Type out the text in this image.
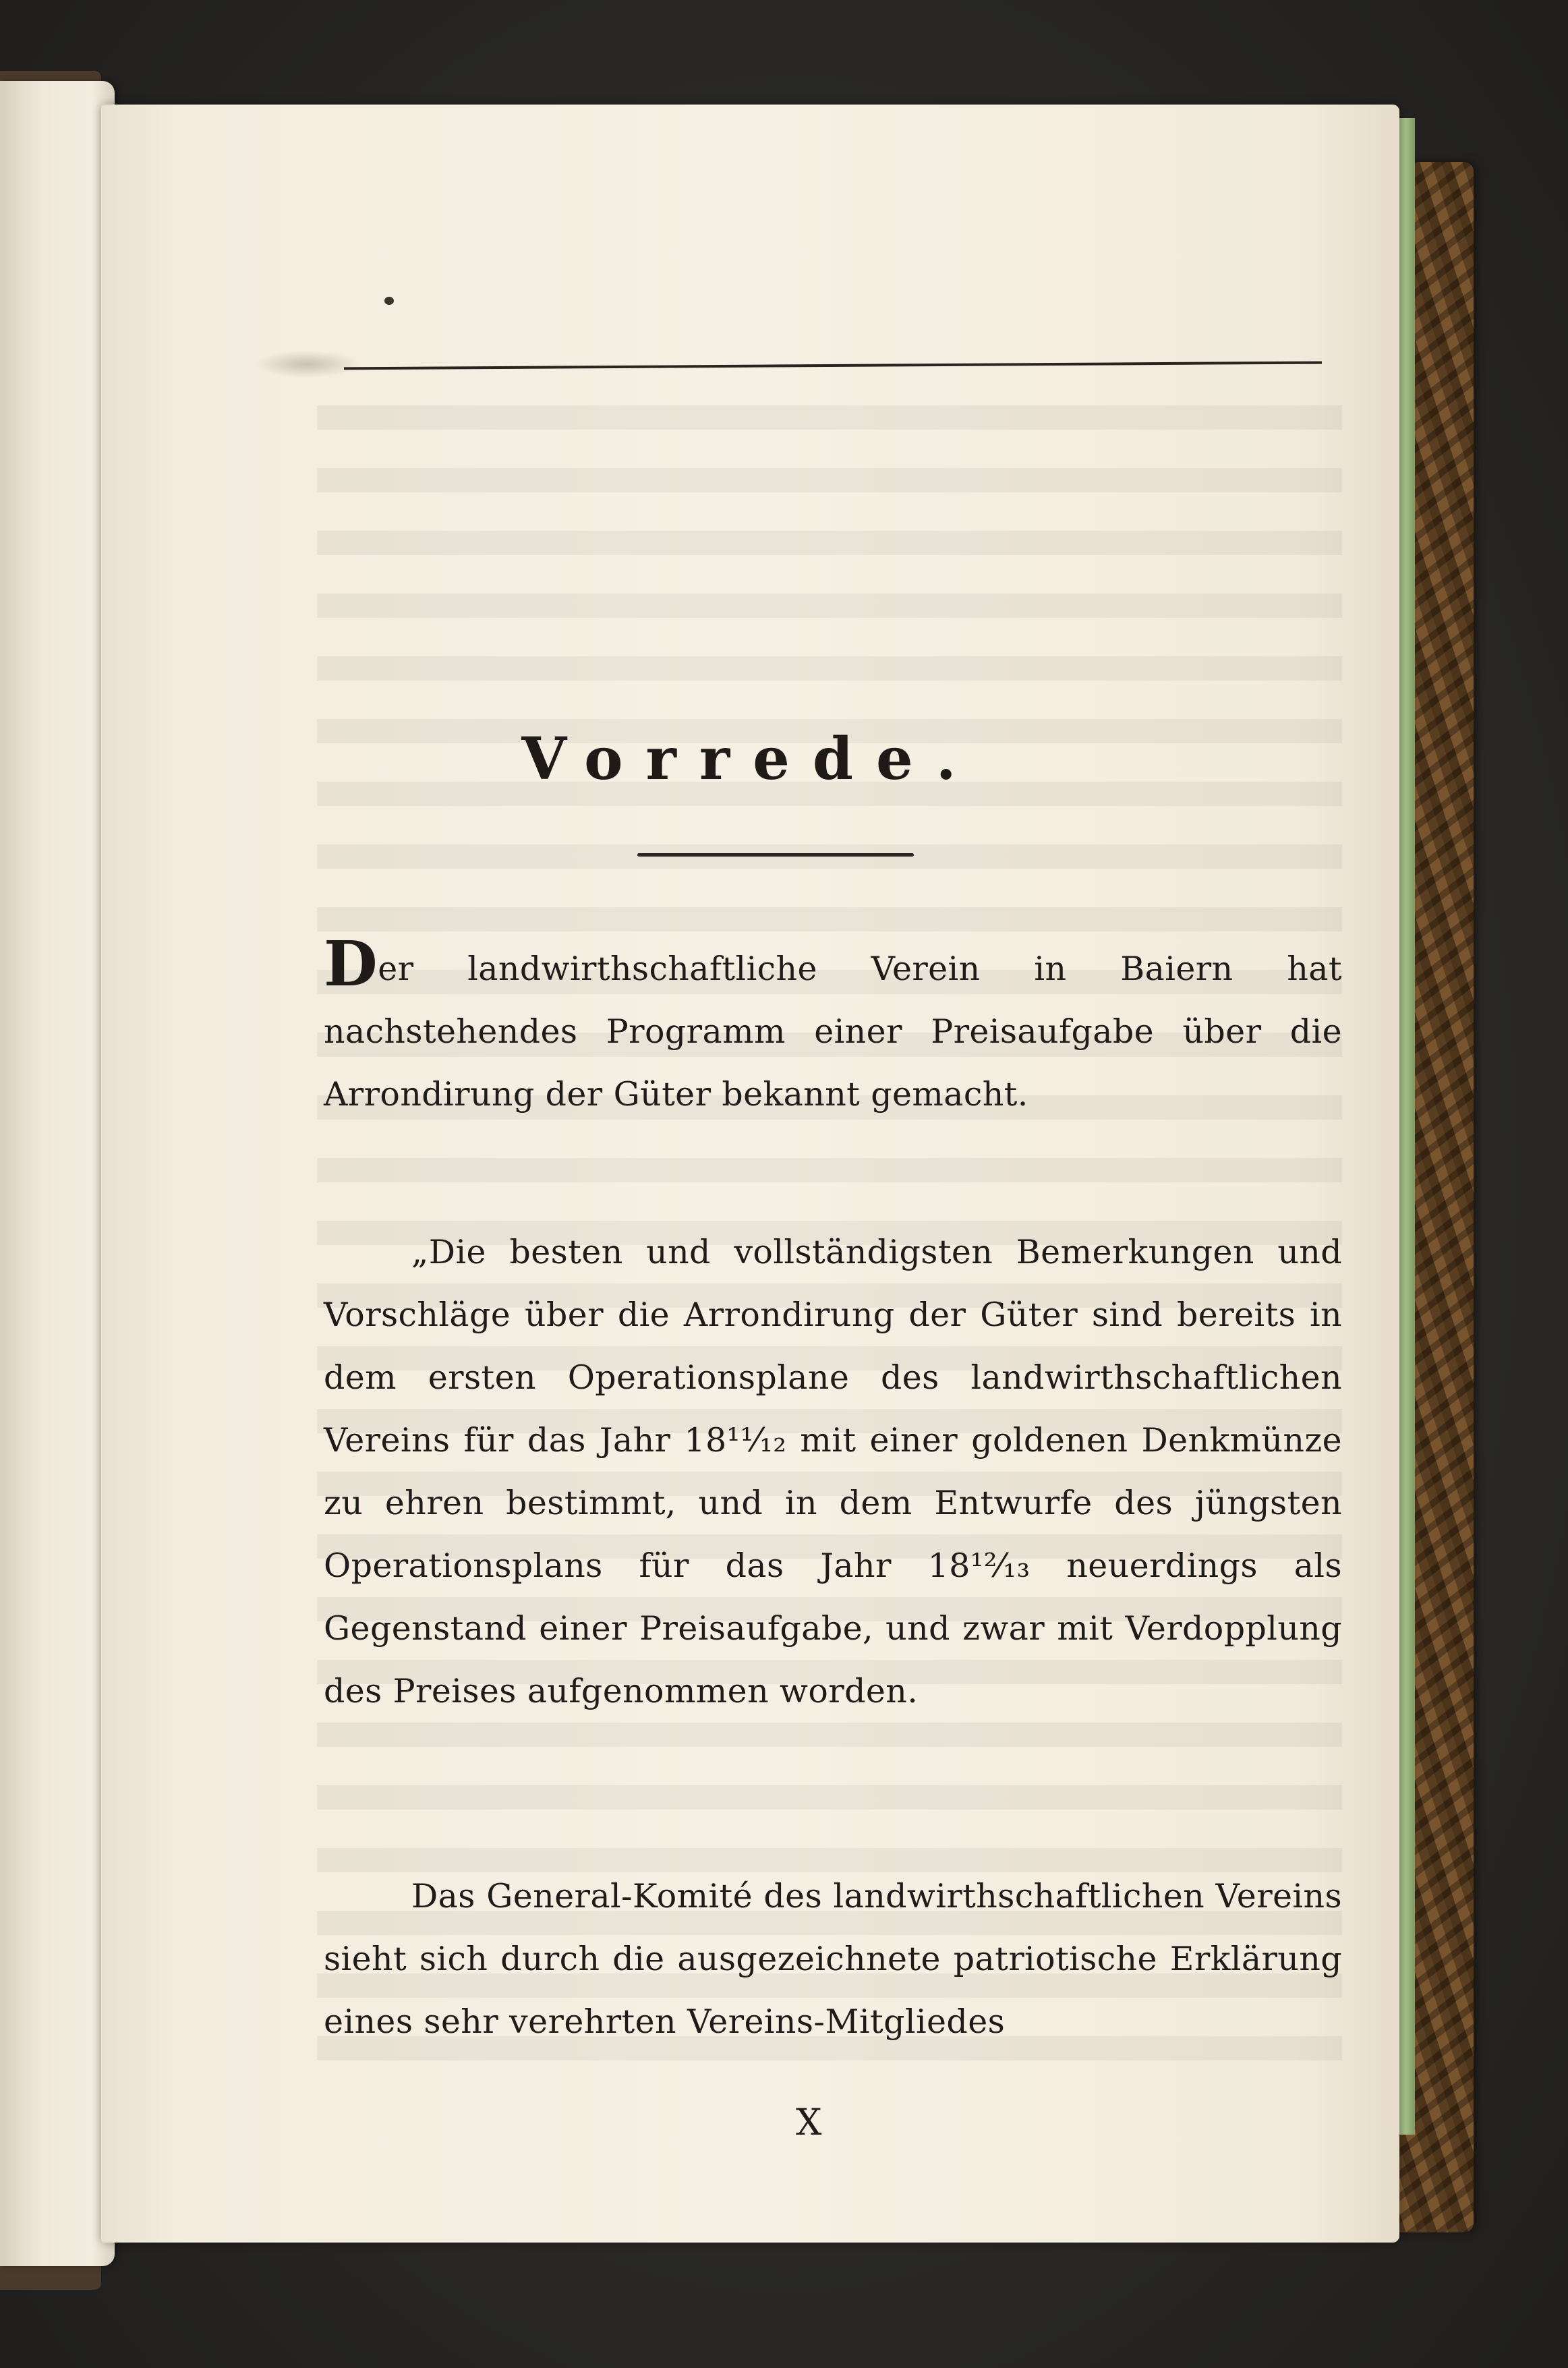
Vorrede.
Der landwirthschaftliche Verein in Baiern hat nachstehendes Programm einer Preisaufgabe über die Arrondirung der Güter bekannt gemacht.
„Die besten und vollständigsten Bemerkungen und Vorschläge über die Arrondirung der Güter sind bereits in dem ersten Operationsplane des landwirthschaftlichen Vereins für das Jahr 18¹¹⁄₁₂ mit einer goldenen Denkmünze zu ehren bestimmt, und in dem Entwurfe des jüngsten Operationsplans für das Jahr 18¹²⁄₁₃ neuerdings als Gegenstand einer Preisaufgabe, und zwar mit Verdopplung des Preises aufgenommen worden.
Das General-Komité des landwirthschaftlichen Vereins sieht sich durch die ausgezeichnete patriotische Erklärung eines sehr verehrten Vereins-Mitgliedes
X
